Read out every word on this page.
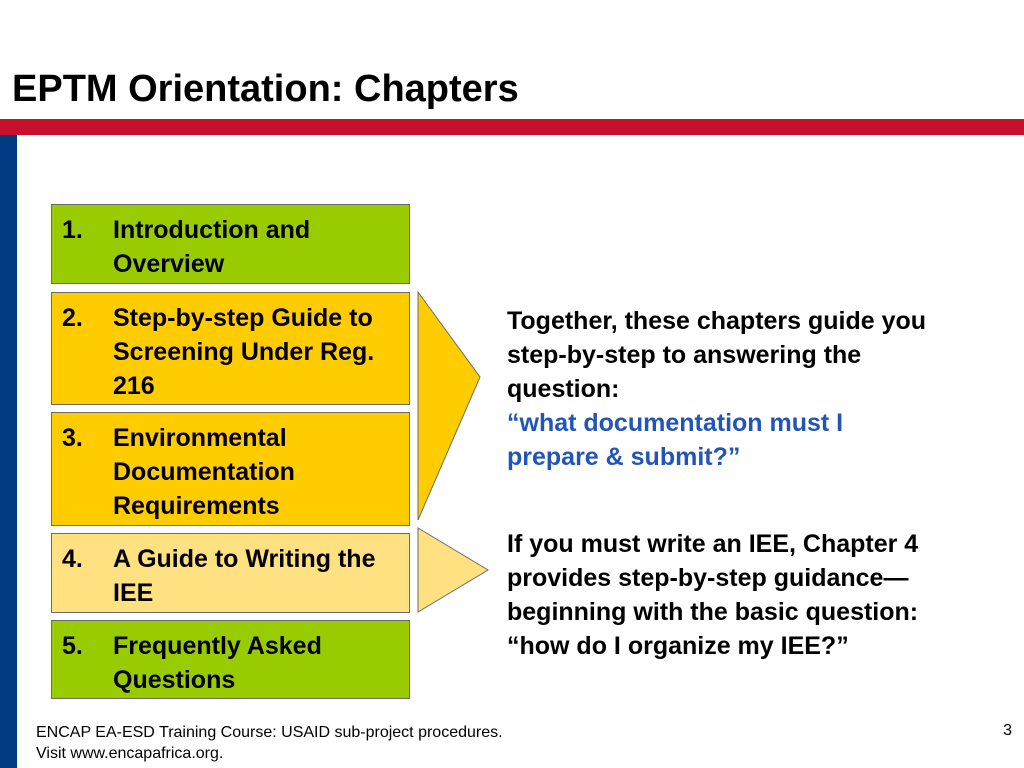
EPTM Orientation: Chapters
1. Introduction and Overview
2. Step-by-step Guide to Screening Under Reg. 216
3. Environmental Documentation Requirements
4. A Guide to Writing the IEE
5. Frequently Asked Questions
Together, these chapters guide you step-by-step to answering the question:
“what documentation must I prepare & submit?”
If you must write an IEE, Chapter 4 provides step-by-step guidance—beginning with the basic question: “how do I organize my IEE?”
ENCAP EA-ESD Training Course: USAID sub-project procedures.
Visit www.encapafrica.org.
3
